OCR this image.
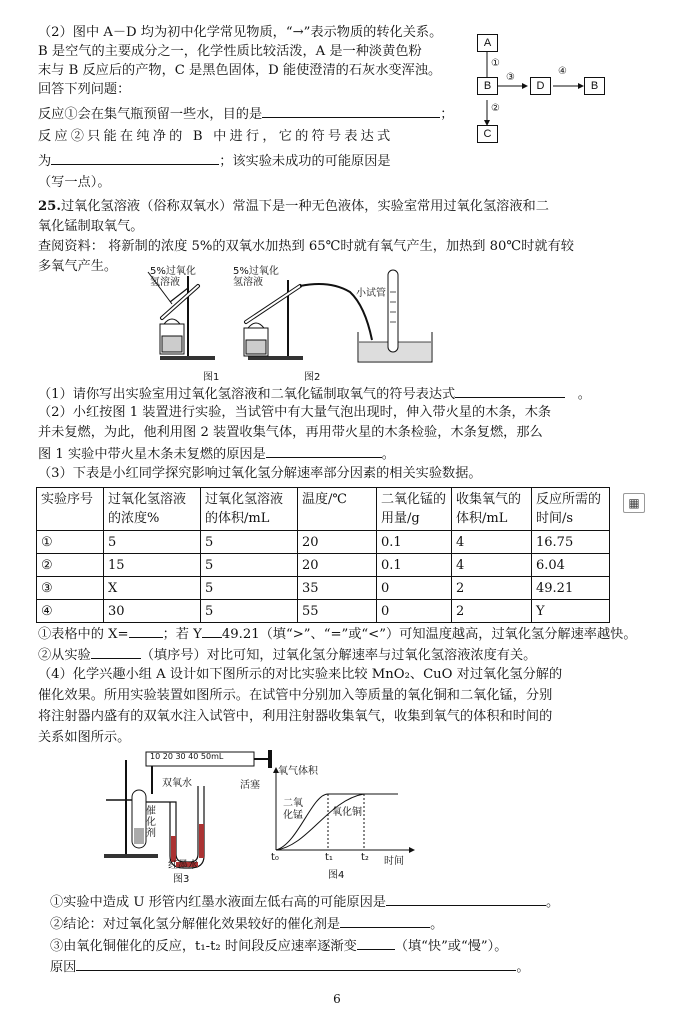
（2）图中 A－D 均为初中化学常见物质，“→”表示物质的转化关系。
B 是空气的主要成分之一，化学性质比较活泼，A 是一种淡黄色粉
末与 B 反应后的产物，C 是黑色固体，D 能使澄清的石灰水变浑浊。
回答下列问题：
反应①会在集气瓶预留一些水，目的是	；
反应②只能在纯净的 B 中进行，它的符号表达式
为	；该实验未成功的可能原因是
（写一点）。
A
B
C
D	B
①
②
③
④
25.过氧化氢溶液（俗称双氧水）常温下是一种无色液体，实验室常用过氧化氢溶液和二
氧化锰制取氧气。
查阅资料： 将新制的浓度 5%的双氧水加热到 65℃时就有氧气产生，加热到 80℃时就有较
多氧气产生。	5%过氧化
氢溶液
5%过氧化
氢溶液
小试管
图1	图2
（1）请你写出实验室用过氧化氢溶液和二氧化锰制取氧气的符号表达式	。
（2）小红按图 1 装置进行实验，当试管中有大量气泡出现时，伸入带火星的木条，木条
并未复燃，为此，他利用图 2 装置收集气体，再用带火星的木条检验，木条复燃，那么
图 1 实验中带火星木条未复燃的原因是	。
（3）下表是小红同学探究影响过氧化氢分解速率部分因素的相关实验数据。
实验序号	过氧化氢溶液的浓度%	过氧化氢溶液的体积/mL	温度/℃	二氧化锰的用量/g	收集氧气的体积/mL	反应所需的时间/s
①	5	5	20	0.1	4	16.75
②	15	5	20	0.1	4	6.04
③	X	5	35	0	2	49.21
④	30	5	55	0	2	Y
▦
①表格中的 X=	；若 Y 49.21（填“>”、“=”或“<”）可知温度越高，过氧化氢分解速率越快。
②从实验	（填序号）对比可知，过氧化氢分解速率与过氧化氢溶液浓度有关。
（4）化学兴趣小组 A 设计如下图所示的对比实验来比较 MnO₂、CuO 对过氧化氢分解的
催化效果。所用实验装置如图所示。在试管中分别加入等质量的氧化铜和二氧化锰，分别
将注射器内盛有的双氧水注入试管中，利用注射器收集氧气，收集到氧气的体积和时间的
关系如图所示。
10 20 30 40 50mL
双氧水	活塞
催
化
剂
红墨水
图3
氧气体积
二氧
化锰	氧化铜
t₀	t₁	t₂ 时间
图4
①实验中造成 U 形管内红墨水液面左低右高的可能原因是	。
②结论：对过氧化氢分解催化效果较好的催化剂是	。
③由氧化铜催化的反应，t₁-t₂ 时间段反应速率逐渐变	（填“快”或“慢”）。
原因	。
6
